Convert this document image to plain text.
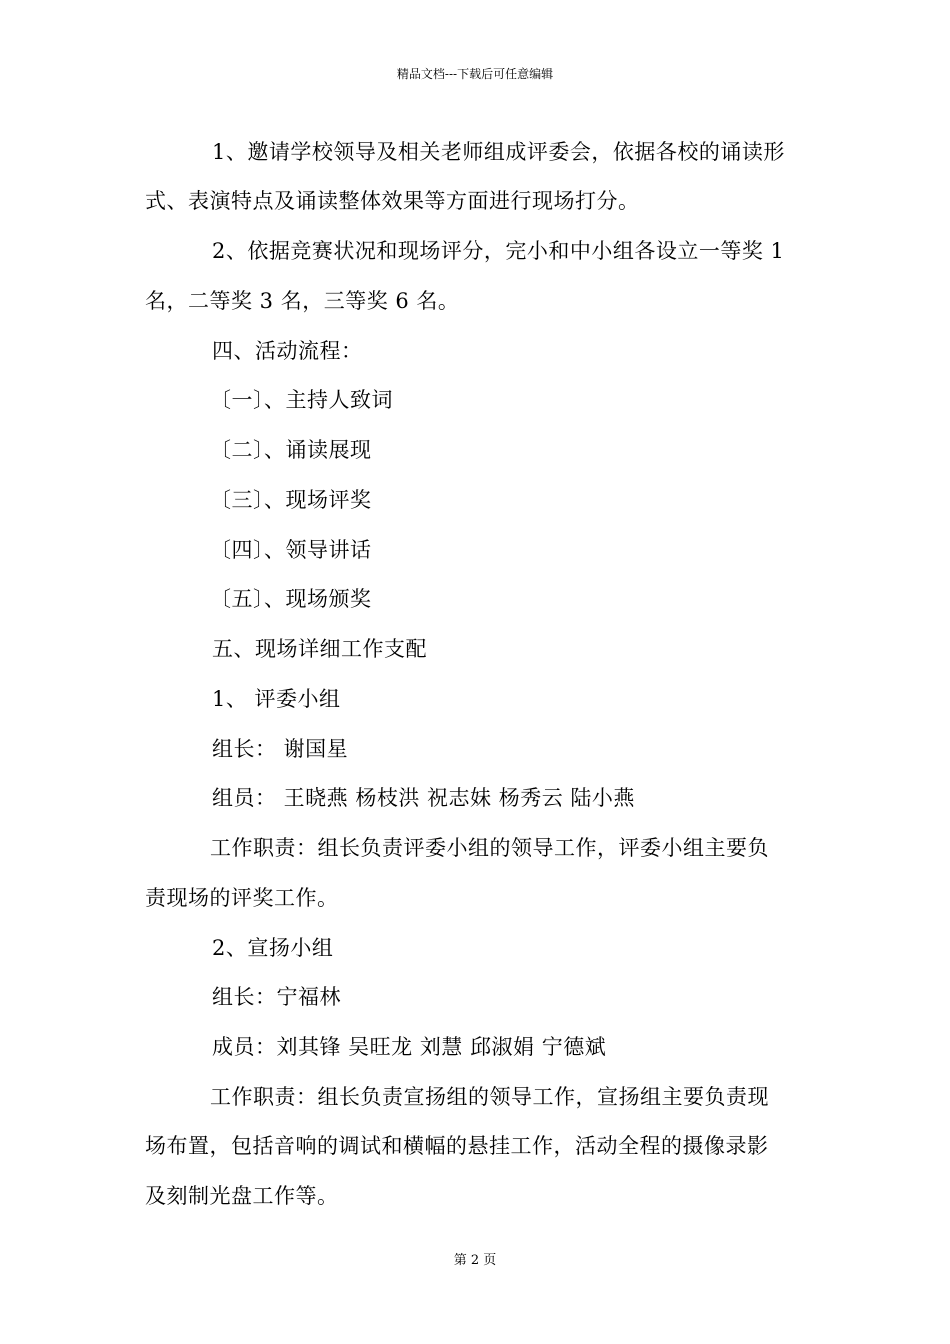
精品文档---下载后可任意编辑

1、邀请学校领导及相关老师组成评委会，依据各校的诵读形

式、表演特点及诵读整体效果等方面进行现场打分。

2、依据竞赛状况和现场评分，完小和中小组各设立一等奖 1

名，二等奖 3 名，三等奖 6 名。

四、活动流程：

〔一〕、主持人致词

〔二〕、诵读展现

〔三〕、现场评奖

〔四〕、领导讲话

〔五〕、现场颁奖

五、现场详细工作支配

1、 评委小组

组长： 谢国星

组员： 王晓燕 杨枝洪 祝志妹 杨秀云 陆小燕

工作职责：组长负责评委小组的领导工作，评委小组主要负

责现场的评奖工作。

2、宣扬小组

组长：宁福林

成员：刘其锋 吴旺龙 刘慧 邱淑娟 宁德斌

工作职责：组长负责宣扬组的领导工作，宣扬组主要负责现

场布置，包括音响的调试和横幅的悬挂工作，活动全程的摄像录影

及刻制光盘工作等。

第 2 页
